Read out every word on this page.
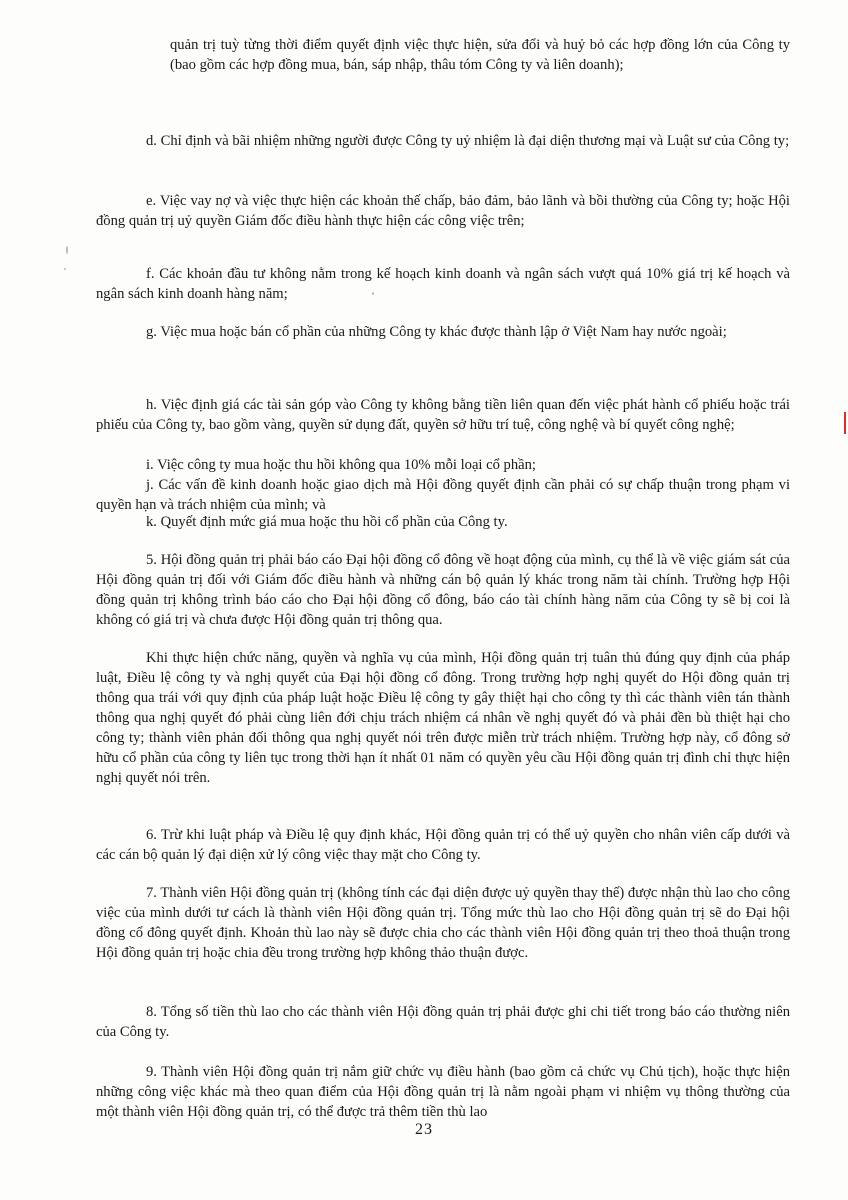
quản trị tuỳ từng thời điểm quyết định việc thực hiện, sửa đổi và huỷ bỏ các hợp đồng lớn của Công ty (bao gồm các hợp đồng mua, bán, sáp nhập, thâu tóm Công ty và liên doanh);

d. Chỉ định và bãi nhiệm những người được Công ty uỷ nhiệm là đại diện thương mại và Luật sư của Công ty;

e. Việc vay nợ và việc thực hiện các khoản thế chấp, bảo đảm, bảo lãnh và bồi thường của Công ty; hoặc Hội đồng quản trị uỷ quyền Giám đốc điều hành thực hiện các công việc trên;

f. Các khoản đầu tư không nằm trong kế hoạch kinh doanh và ngân sách vượt quá 10% giá trị kế hoạch và ngân sách kinh doanh hàng năm;

g. Việc mua hoặc bán cổ phần của những Công ty khác được thành lập ở Việt Nam hay nước ngoài;

h. Việc định giá các tài sản góp vào Công ty không bằng tiền liên quan đến việc phát hành cổ phiếu hoặc trái phiếu của Công ty, bao gồm vàng, quyền sử dụng đất, quyền sở hữu trí tuệ, công nghệ và bí quyết công nghệ;

i. Việc công ty mua hoặc thu hồi không qua 10% mỗi loại cổ phần;

j. Các vấn đề kinh doanh hoặc giao dịch mà Hội đồng quyết định cần phải có sự chấp thuận trong phạm vi quyền hạn và trách nhiệm của mình; và

k. Quyết định mức giá mua hoặc thu hồi cổ phần của Công ty.

5. Hội đồng quản trị phải báo cáo Đại hội đồng cổ đông về hoạt động của mình, cụ thể là về việc giám sát của Hội đồng quản trị đối với Giám đốc điều hành và những cán bộ quản lý khác trong năm tài chính. Trường hợp Hội đồng quản trị không trình báo cáo cho Đại hội đồng cổ đông, báo cáo tài chính hàng năm của Công ty sẽ bị coi là không có giá trị và chưa được Hội đồng quản trị thông qua.

Khi thực hiện chức năng, quyền và nghĩa vụ của mình, Hội đồng quản trị tuân thủ đúng quy định của pháp luật, Điều lệ công ty và nghị quyết của Đại hội đồng cổ đông. Trong trường hợp nghị quyết do Hội đồng quản trị thông qua trái với quy định của pháp luật hoặc Điều lệ công ty gây thiệt hại cho công ty thì các thành viên tán thành thông qua nghị quyết đó phải cùng liên đới chịu trách nhiệm cá nhân về nghị quyết đó và phải đền bù thiệt hại cho công ty; thành viên phản đối thông qua nghị quyết nói trên được miễn trừ trách nhiệm. Trường hợp này, cổ đông sở hữu cổ phần của công ty liên tục trong thời hạn ít nhất 01 năm có quyền yêu cầu Hội đồng quản trị đình chỉ thực hiện nghị quyết nói trên.

6. Trừ khi luật pháp và Điều lệ quy định khác, Hội đồng quản trị có thể uỷ quyền cho nhân viên cấp dưới và các cán bộ quản lý đại diện xử lý công việc thay mặt cho Công ty.

7. Thành viên Hội đồng quản trị (không tính các đại diện được uỷ quyền thay thế) được nhận thù lao cho công việc của mình dưới tư cách là thành viên Hội đồng quản trị. Tổng mức thù lao cho Hội đồng quản trị sẽ do Đại hội đồng cổ đông quyết định. Khoản thù lao này sẽ được chia cho các thành viên Hội đồng quản trị theo thoả thuận trong Hội đồng quản trị hoặc chia đều trong trường hợp không thảo thuận được.

8. Tổng số tiền thù lao cho các thành viên Hội đồng quản trị phải được ghi chi tiết trong báo cáo thường niên của Công ty.

9. Thành viên Hội đồng quản trị nắm giữ chức vụ điều hành (bao gồm cả chức vụ Chủ tịch), hoặc thực hiện những công việc khác mà theo quan điểm của Hội đồng quản trị là nằm ngoài phạm vi nhiệm vụ thông thường của một thành viên Hội đồng quản trị, có thể được trả thêm tiền thù lao

23
